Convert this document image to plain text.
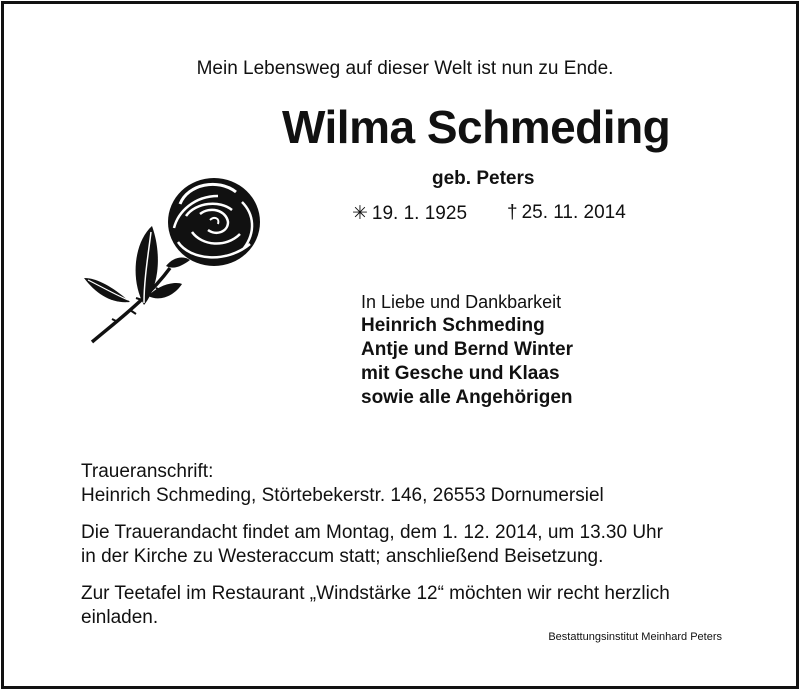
Mein Lebensweg auf dieser Welt ist nun zu Ende.
Wilma Schmeding
geb. Peters
✳ 19. 1. 1925 † 25. 11. 2014
In Liebe und Dankbarkeit
Heinrich Schmeding
Antje und Bernd Winter
mit Gesche und Klaas
sowie alle Angehörigen
Traueranschrift:
Heinrich Schmeding, Störtebekerstr. 146, 26553 Dornumersiel
Die Trauerandacht findet am Montag, dem 1. 12. 2014, um 13.30 Uhr
in der Kirche zu Westeraccum statt; anschließend Beisetzung.
Zur Teetafel im Restaurant „Windstärke 12“ möchten wir recht herzlich
einladen.
Bestattungsinstitut Meinhard Peters
